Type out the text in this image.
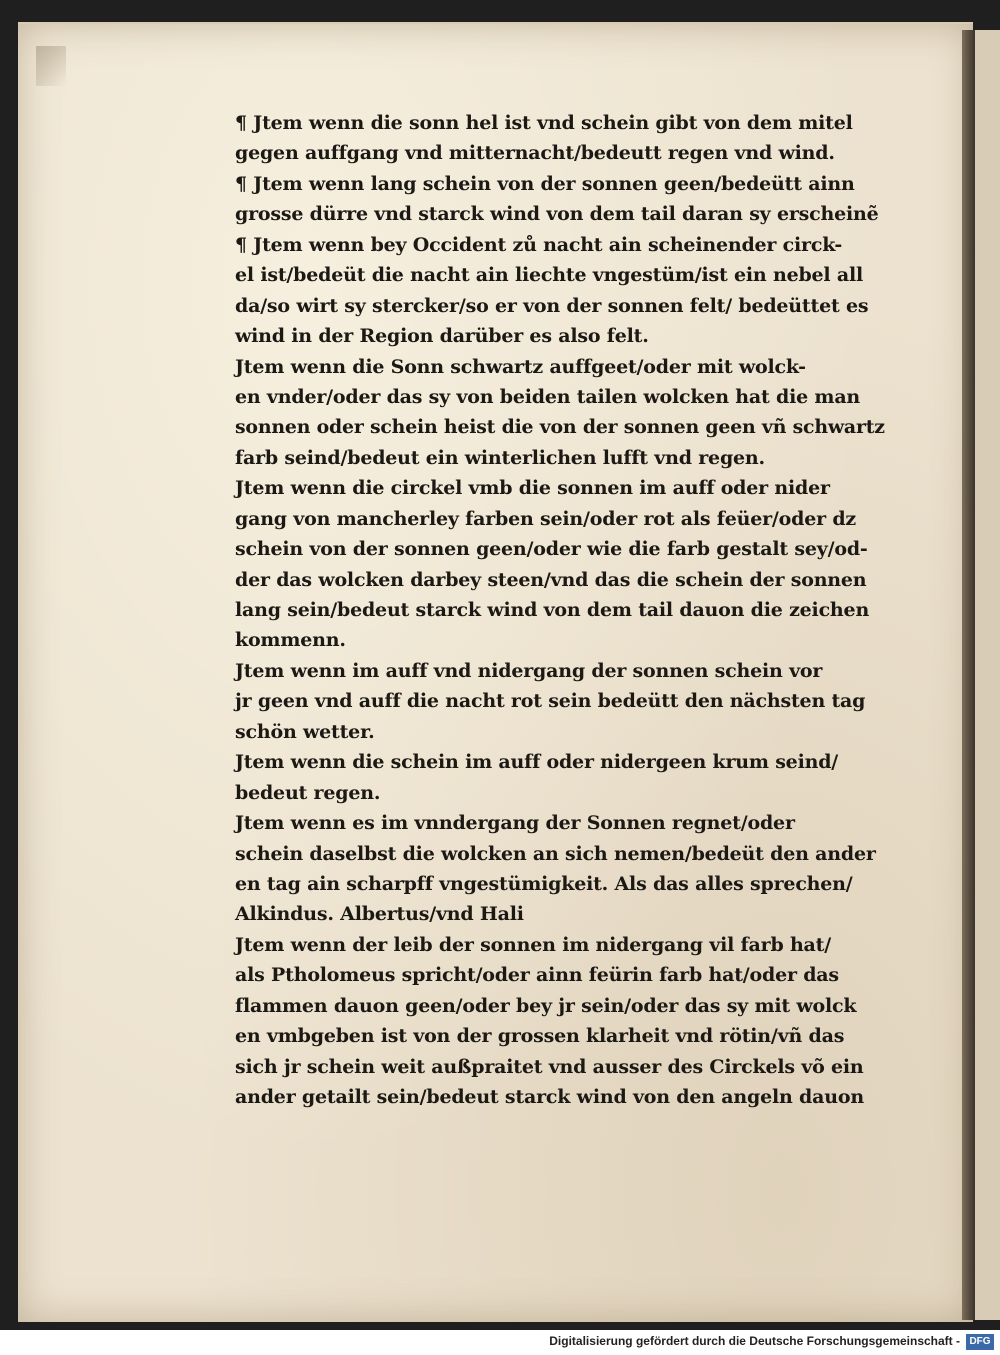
¶ Jtem wenn die sonn hel ist vnd schein gibt von dem mitel
gegen auffgang vnd mitternacht/bedeutt regen vnd wind.
¶ Jtem wenn lang schein von der sonnen geen/bedeütt ainn
grosse dürre vnd starck wind von dem tail daran sy erscheinẽ
¶ Jtem wenn bey Occident zů nacht ain scheinender circk-
el ist/bedeüt die nacht ain liechte vngestüm/ist ein nebel all
da/so wirt sy stercker/so er von der sonnen felt/ bedeüttet es
wind in der Region darüber es also felt.
Jtem wenn die Sonn schwartz auffgeet/oder mit wolck-
en vnder/oder das sy von beiden tailen wolcken hat die man
sonnen oder schein heist die von der sonnen geen vñ schwartz
farb seind/bedeut ein winterlichen lufft vnd regen.
Jtem wenn die circkel vmb die sonnen im auff oder nider
gang von mancherley farben sein/oder rot als feüer/oder dz
schein von der sonnen geen/oder wie die farb gestalt sey/od-
der das wolcken darbey steen/vnd das die schein der sonnen
lang sein/bedeut starck wind von dem tail dauon die zeichen
kommenn.
Jtem wenn im auff vnd nidergang der sonnen schein vor
jr geen vnd auff die nacht rot sein bedeütt den nächsten tag
schön wetter.
Jtem wenn die schein im auff oder nidergeen krum seind/
bedeut regen.
Jtem wenn es im vnndergang der Sonnen regnet/oder
schein daselbst die wolcken an sich nemen/bedeüt den ander
en tag ain scharpff vngestümigkeit. Als das alles sprechen/
Alkindus. Albertus/vnd Hali
Jtem wenn der leib der sonnen im nidergang vil farb hat/
als Ptholomeus spricht/oder ainn feürin farb hat/oder das
flammen dauon geen/oder bey jr sein/oder das sy mit wolck
en vmbgeben ist von der grossen klarheit vnd rötin/vñ das
sich jr schein weit außpraitet vnd ausser des Circkels võ ein
ander getailt sein/bedeut starck wind von den angeln dauon
Digitalisierung gefördert durch die Deutsche Forschungsgemeinschaft - DFG
